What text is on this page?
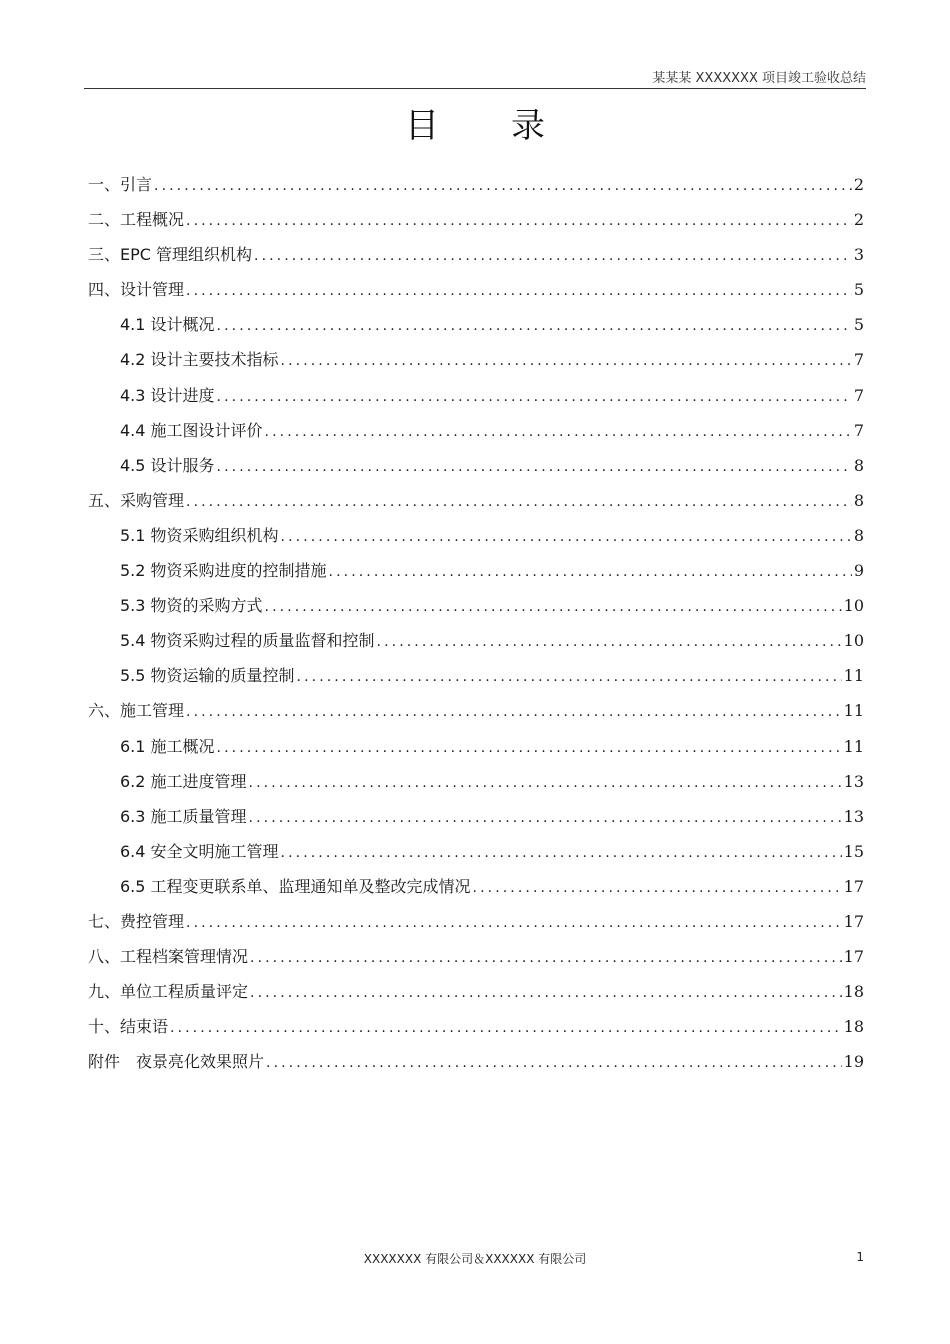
某某某 XXXXXXX 项目竣工验收总结
目录
一、引言 .....	2
二、工程概况 .....	2
三、EPC 管理组织机构 .....	3
四、设计管理 .....	5
4.1 设计概况 .....	5
4.2 设计主要技术指标 .....	7
4.3 设计进度 .....	7
4.4 施工图设计评价 .....	7
4.5 设计服务 .....	8
五、采购管理 .....	8
5.1 物资采购组织机构 .....	8
5.2 物资采购进度的控制措施 .....	9
5.3 物资的采购方式 .....	10
5.4 物资采购过程的质量监督和控制 .....	10
5.5 物资运输的质量控制 .....	11
六、施工管理 .....	11
6.1 施工概况 .....	11
6.2 施工进度管理 .....	13
6.3 施工质量管理 .....	13
6.4 安全文明施工管理 .....	15
6.5 工程变更联系单、监理通知单及整改完成情况 .....	17
七、费控管理 .....	17
八、工程档案管理情况 .....	17
九、单位工程质量评定 .....	18
十、结束语 .....	18
附件　夜景亮化效果照片 .....	19
XXXXXXX 有限公司＆XXXXXX 有限公司	1
